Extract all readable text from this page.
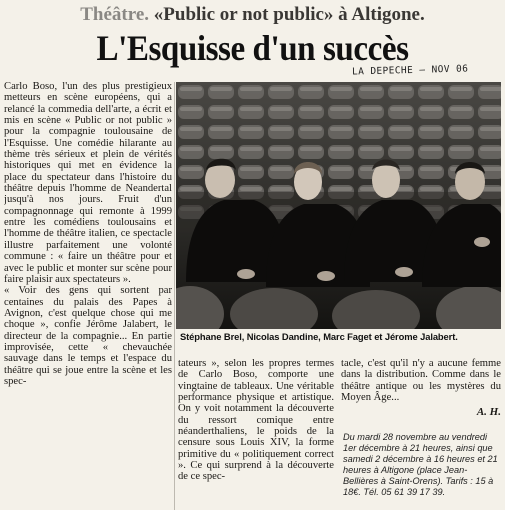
Théâtre. «Public or not public» à Altigone.
L'Esquisse d'un succès
LA DEPECHE – NOV 06

Carlo Boso, l'un des plus prestigieux metteurs en scène européens, qui a relancé la commedia dell'arte, a écrit et mis en scène « Public or not public » pour la compagnie toulousaine de l'Esquisse. Une comédie hilarante au thème très sérieux et plein de vérités historiques qui met en évidence la place du spectateur dans l'histoire du théâtre depuis l'homme de Neandertal jusqu'à nos jours. Fruit d'un compagnonnage qui remonte à 1999 entre les comédiens toulousains et l'homme de théâtre italien, ce spectacle illustre parfaitement une volonté commune : « faire un théâtre pour et avec le public et monter sur scène pour faire plaisir aux spectateurs ».

« Voir des gens qui sortent par centaines du palais des Papes à Avignon, c'est quelque chose qui me choque », confie Jérôme Jalabert, le directeur de la compagnie... En partie improvisée, cette « chevauchée sauvage dans le temps et l'espace du théâtre qui se joue entre la scène et les spec-

Stéphane Brel, Nicolas Dandine, Marc Faget et Jérome Jalabert.

tateurs », selon les propres termes de Carlo Boso, comporte une vingtaine de tableaux. Une véritable performance physique et artistique. On y voit notamment la découverte du ressort comique entre néanderthaliens, le poids de la censure sous Louis XIV, la forme primitive du « politiquement correct ». Ce qui surprend à la découverte de ce spec-

tacle, c'est qu'il n'y a aucune femme dans la distribution. Comme dans le théâtre antique ou les mystères du Moyen Âge...

A. H.
Du mardi 28 novembre au vendredi 1er décembre à 21 heures, ainsi que samedi 2 décembre à 16 heures et 21 heures à Altigone (place Jean-Bellières à Saint-Orens). Tarifs : 15 à 18€. Tél. 05 61 39 17 39.
